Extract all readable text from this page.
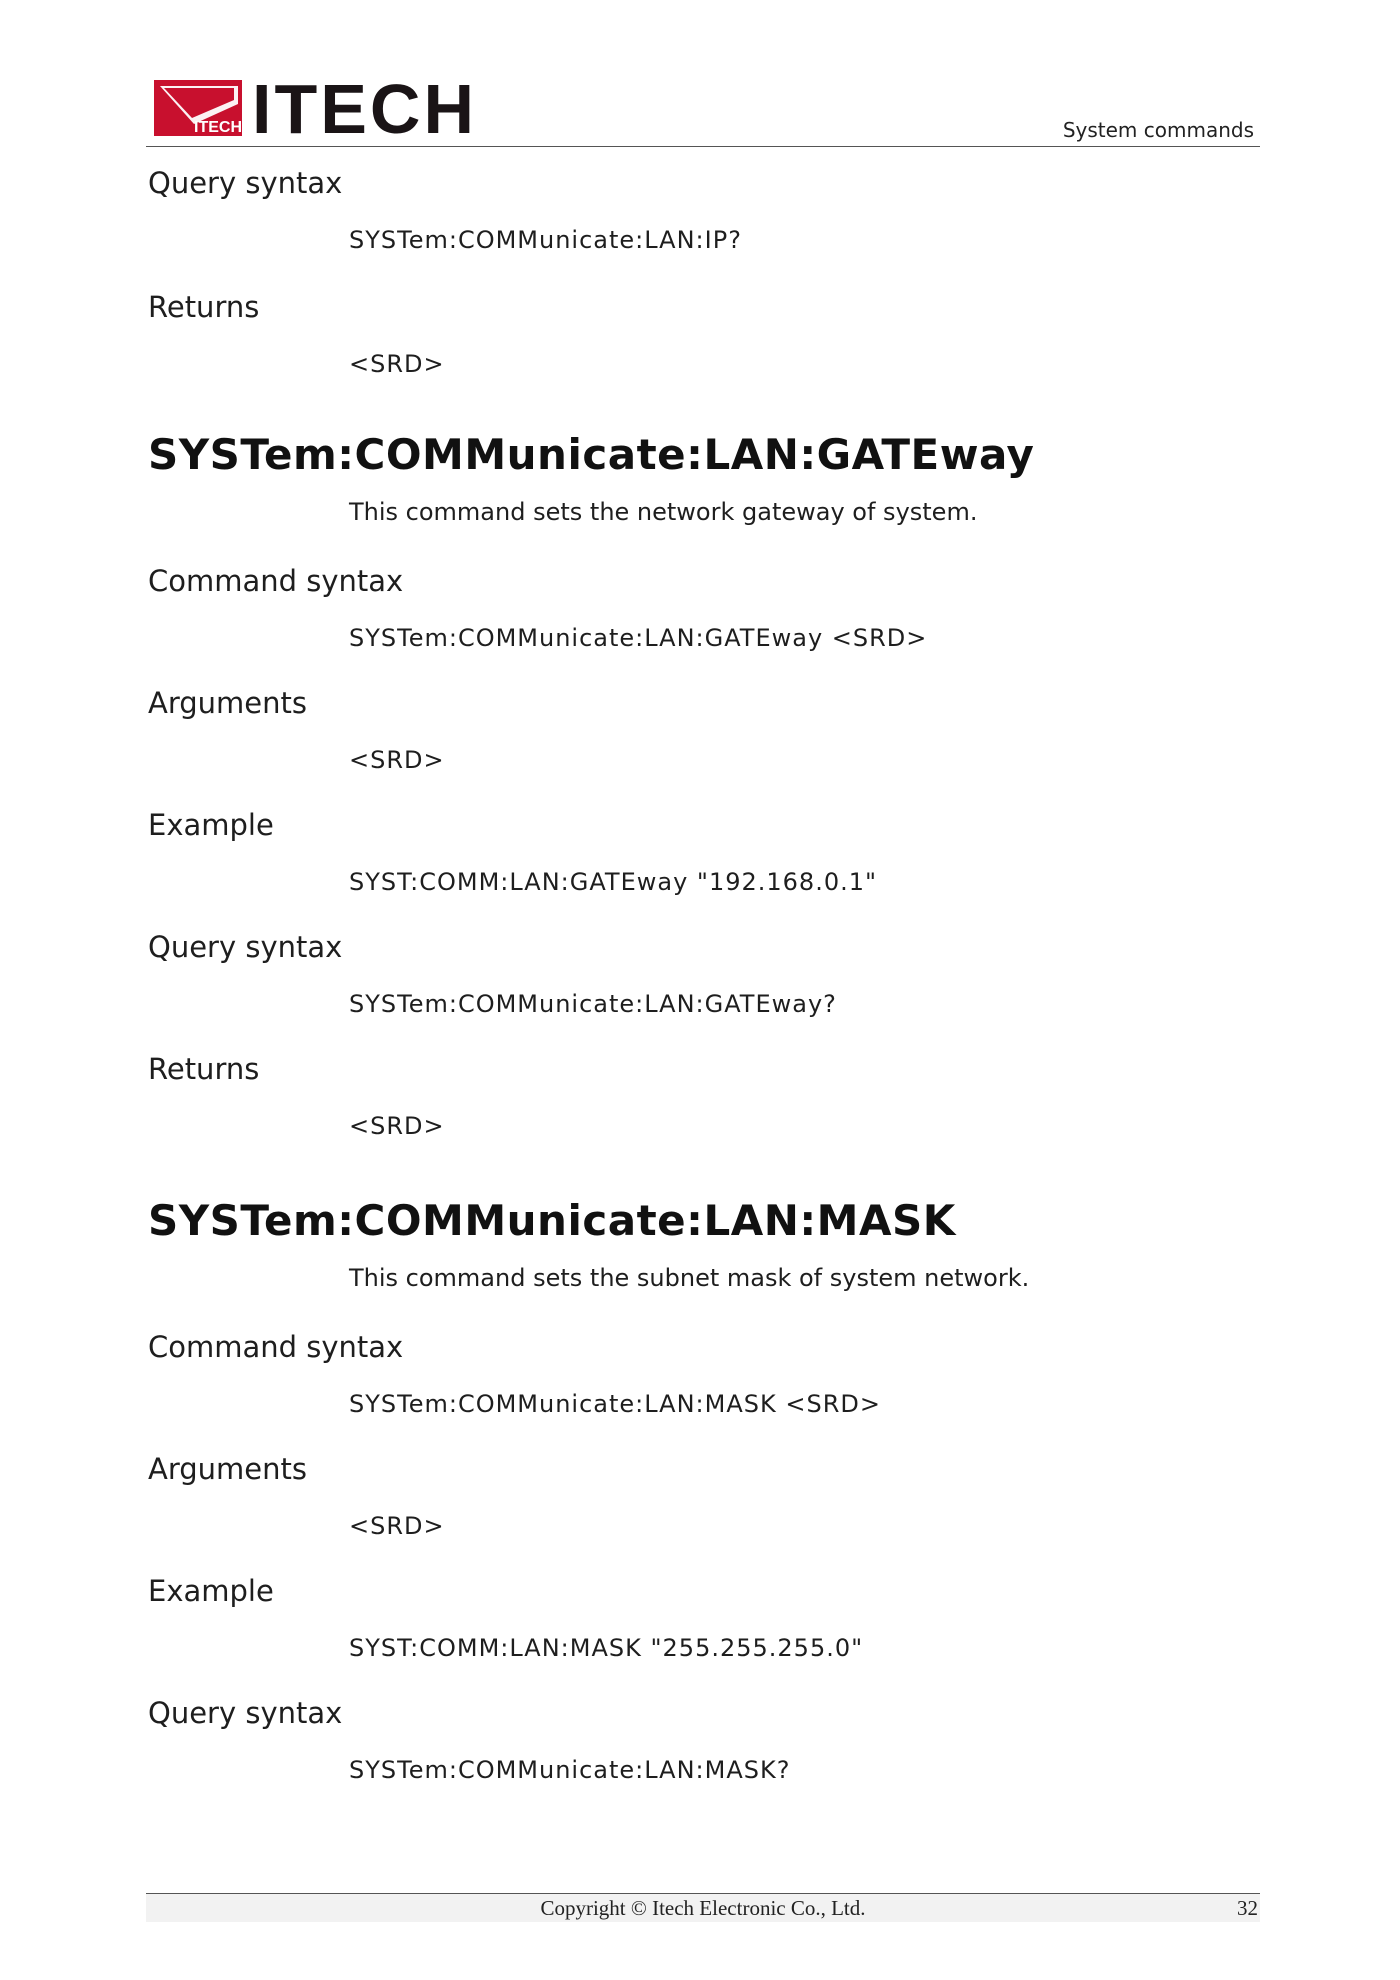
ITECH ITECH	System commands
Query syntax
SYSTem:COMMunicate:LAN:IP?
Returns
<SRD>
SYSTem:COMMunicate:LAN:GATEway
This command sets the network gateway of system.
Command syntax
SYSTem:COMMunicate:LAN:GATEway <SRD>
Arguments
<SRD>
Example
SYST:COMM:LAN:GATEway "192.168.0.1"
Query syntax
SYSTem:COMMunicate:LAN:GATEway?
Returns
<SRD>
SYSTem:COMMunicate:LAN:MASK
This command sets the subnet mask of system network.
Command syntax
SYSTem:COMMunicate:LAN:MASK <SRD>
Arguments
<SRD>
Example
SYST:COMM:LAN:MASK "255.255.255.0"
Query syntax
SYSTem:COMMunicate:LAN:MASK?
Copyright © Itech Electronic Co., Ltd.	32
